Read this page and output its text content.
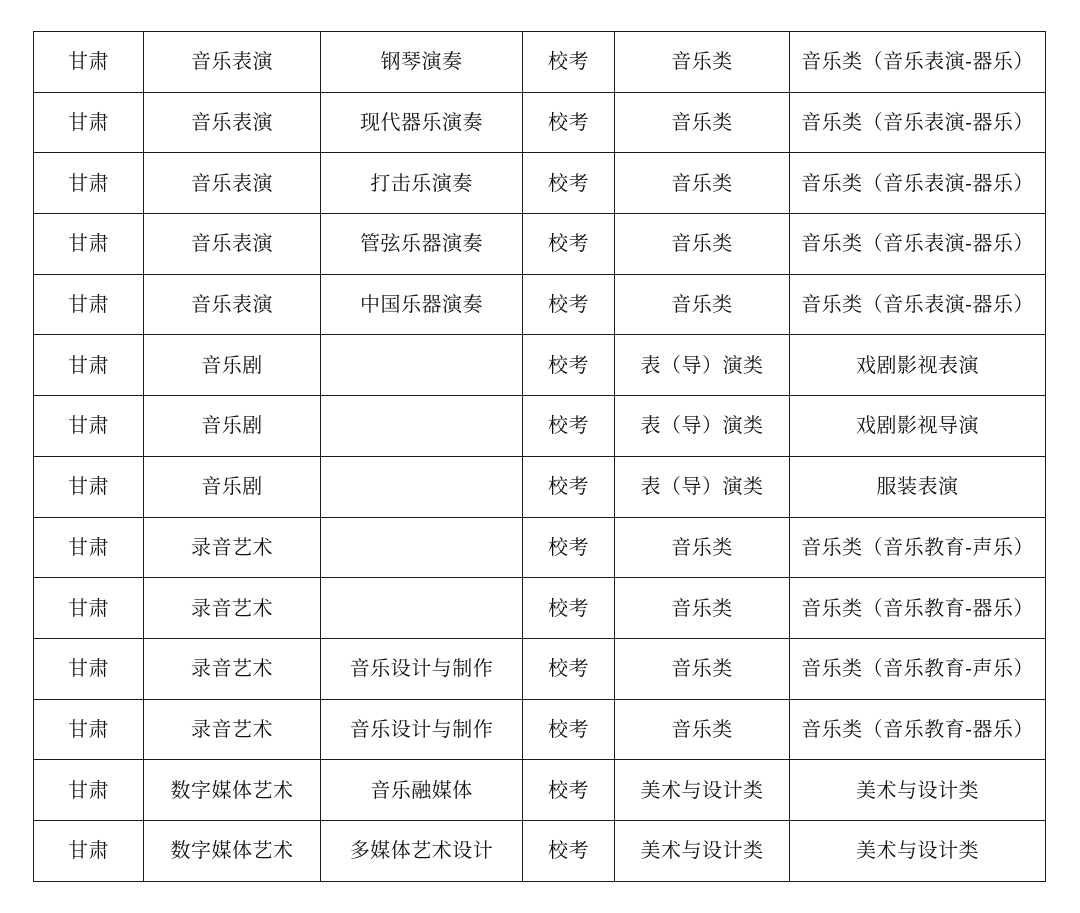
甘肃	音乐表演	钢琴演奏	校考	音乐类	音乐类（音乐表演-器乐）
甘肃	音乐表演	现代器乐演奏	校考	音乐类	音乐类（音乐表演-器乐）
甘肃	音乐表演	打击乐演奏	校考	音乐类	音乐类（音乐表演-器乐）
甘肃	音乐表演	管弦乐器演奏	校考	音乐类	音乐类（音乐表演-器乐）
甘肃	音乐表演	中国乐器演奏	校考	音乐类	音乐类（音乐表演-器乐）
甘肃	音乐剧		校考	表（导）演类	戏剧影视表演
甘肃	音乐剧		校考	表（导）演类	戏剧影视导演
甘肃	音乐剧		校考	表（导）演类	服装表演
甘肃	录音艺术		校考	音乐类	音乐类（音乐教育-声乐）
甘肃	录音艺术		校考	音乐类	音乐类（音乐教育-器乐）
甘肃	录音艺术	音乐设计与制作	校考	音乐类	音乐类（音乐教育-声乐）
甘肃	录音艺术	音乐设计与制作	校考	音乐类	音乐类（音乐教育-器乐）
甘肃	数字媒体艺术	音乐融媒体	校考	美术与设计类	美术与设计类
甘肃	数字媒体艺术	多媒体艺术设计	校考	美术与设计类	美术与设计类
